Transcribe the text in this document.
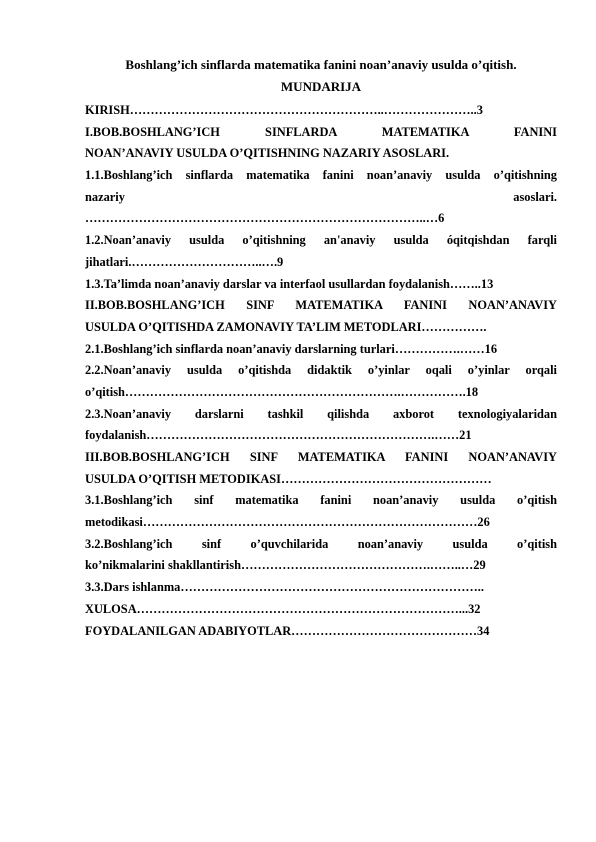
Boshlang’ich sinflarda matematika fanini noan’anaviy usulda o’qitish.
MUNDARIJA
KIRISH……………………………………………………..…………………..3
I.BOB.BOSHLANG’ICH SINFLARDA MATEMATIKA FANINI
NOAN’ANAVIY USULDA O’QITISHNING NAZARIY ASOSLARI.
1.1.Boshlang’ich sinflarda matematika fanini noan’anaviy usulda o’qitishning
nazariy asoslari.
………………………………………………………………………..…6
1.2.Noan’anaviy usulda o’qitishning an'anaviy usulda óqitqishdan farqli
jihatlari.…………………………..….9
1.3.Ta’limda noan’anaviy darslar va interfaol usullardan foydalanish……..13
II.BOB.BOSHLANG’ICH SINF MATEMATIKA FANINI NOAN’ANAVIY
USULDA O’QITISHDA ZAMONAVIY TA’LIM METODLARI…………….
2.1.Boshlang’ich sinflarda noan’anaviy darslarning turlari…………….……16
2.2.Noan’anaviy usulda o’qitishda didaktik o’yinlar oqali o’yinlar orqali
o’qitish………………………………………………………….…………….18
2.3.Noan’anaviy darslarni tashkil qilishda axborot texnologiyalaridan
foydalanish…………………………………………………………….……21
III.BOB.BOSHLANG’ICH SINF MATEMATIKA FANINI NOAN’ANAVIY
USULDA O’QITISH METODIKASI……………………………………………
3.1.Boshlang’ich sinf matematika fanini noan’anaviy usulda o’qitish
metodikasi………………………………………………………………………26
3.2.Boshlang’ich sinf o’quvchilarida noan’anaviy usulda o’qitish
ko’nikmalarini shakllantirish……………………………………….……..…29
3.3.Dars ishlanma………………………………………………………………..
XULOSA……………………………………………………………………...32
FOYDALANILGAN ADABIYOTLAR………………………………………34
